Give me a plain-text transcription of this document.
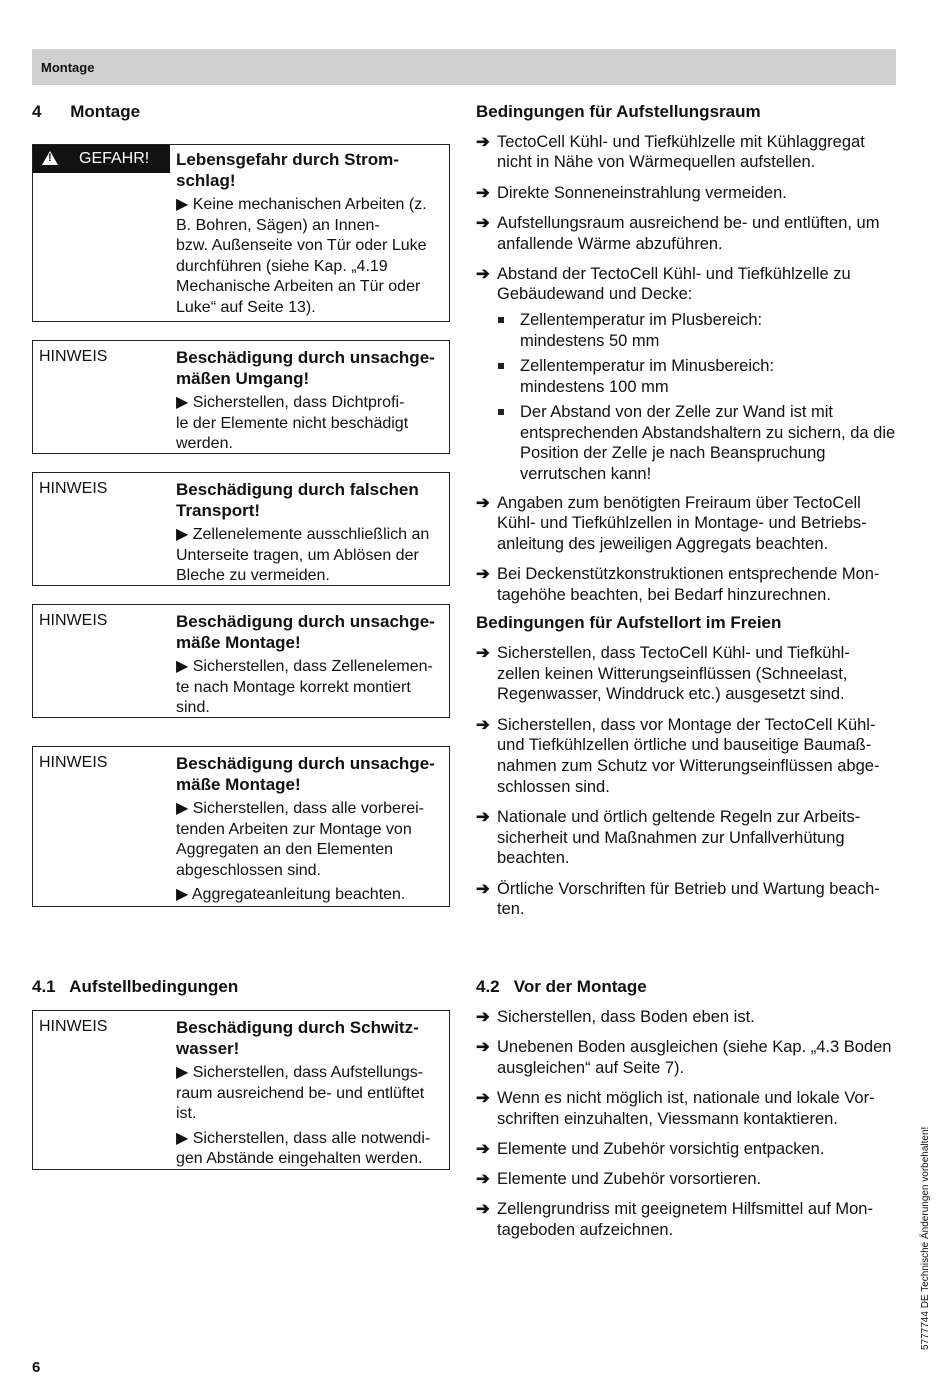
Montage
4 Montage
!
GEFAHR! Lebensgefahr durch Strom-
schlag!
▶ Keine mechanischen Arbeiten (z. B. Bohren, Sägen) an Innen-
bzw. Außenseite von Tür oder Luke durchführen (siehe Kap. „4.19 Mechanische Arbeiten an Tür oder Luke“ auf Seite 13).
HINWEIS	Beschädigung durch unsachge-
mäßen Umgang!
▶ Sicherstellen, dass Dichtprofi-
le der Elemente nicht beschädigt werden.
HINWEIS	Beschädigung durch falschen Transport!
▶ Zellenelemente ausschließlich an Unterseite tragen, um Ablösen der Bleche zu vermeiden.
HINWEIS	Beschädigung durch unsachge-
mäße Montage!
▶ Sicherstellen, dass Zellenelemen-
te nach Montage korrekt montiert sind.
HINWEIS	Beschädigung durch unsachge-
mäße Montage!
▶ Sicherstellen, dass alle vorberei-
tenden Arbeiten zur Montage von Aggregaten an den Elementen abgeschlossen sind.
▶ Aggregateanleitung beachten.
4.1   Aufstellbedingungen
HINWEIS	Beschädigung durch Schwitz-
wasser!
▶ Sicherstellen, dass Aufstellungs-
raum ausreichend be- und entlüftet ist.
▶ Sicherstellen, dass alle notwendi-
gen Abstände eingehalten werden.
Bedingungen für Aufstellungsraum
➔ TectoCell Kühl- und Tiefkühlzelle mit Kühlaggregat nicht in Nähe von Wärmequellen aufstellen.
➔ Direkte Sonneneinstrahlung vermeiden.
➔ Aufstellungsraum ausreichend be- und entlüften, um anfallende Wärme abzuführen.
➔ Abstand der TectoCell Kühl- und Tiefkühlzelle zu Gebäudewand und Decke:
Zellentemperatur im Plusbereich:
mindestens 50 mm
Zellentemperatur im Minusbereich:
mindestens 100 mm
Der Abstand von der Zelle zur Wand ist mit entsprechenden Abstandshaltern zu sichern, da die Position der Zelle je nach Beanspruchung verrutschen kann!
➔ Angaben zum benötigten Freiraum über TectoCell Kühl- und Tiefkühlzellen in Montage- und Betriebs-
anleitung des jeweiligen Aggregats beachten.
➔ Bei Deckenstützkonstruktionen entsprechende Mon-
tagehöhe beachten, bei Bedarf hinzurechnen.
Bedingungen für Aufstellort im Freien
➔ Sicherstellen, dass TectoCell Kühl- und Tiefkühl-
zellen keinen Witterungseinflüssen (Schneelast, Regenwasser, Winddruck etc.) ausgesetzt sind.
➔ Sicherstellen, dass vor Montage der TectoCell Kühl-
und Tiefkühlzellen örtliche und bauseitige Baumaß-
nahmen zum Schutz vor Witterungseinflüssen abge-
schlossen sind.
➔ Nationale und örtlich geltende Regeln zur Arbeits-
sicherheit und Maßnahmen zur Unfallverhütung beachten.
➔ Örtliche Vorschriften für Betrieb und Wartung beach-
ten.
4.2   Vor der Montage
➔ Sicherstellen, dass Boden eben ist.
➔ Unebenen Boden ausgleichen (siehe Kap. „4.3 Boden ausgleichen“ auf Seite 7).
➔ Wenn es nicht möglich ist, nationale und lokale Vor-
schriften einzuhalten, Viessmann kontaktieren.
➔ Elemente und Zubehör vorsichtig entpacken.
➔ Elemente und Zubehör vorsortieren.
➔ Zellengrundriss mit geeignetem Hilfsmittel auf Mon-
tageboden aufzeichnen.	5777744 DE Technische Änderungen vorbehalten!
6
